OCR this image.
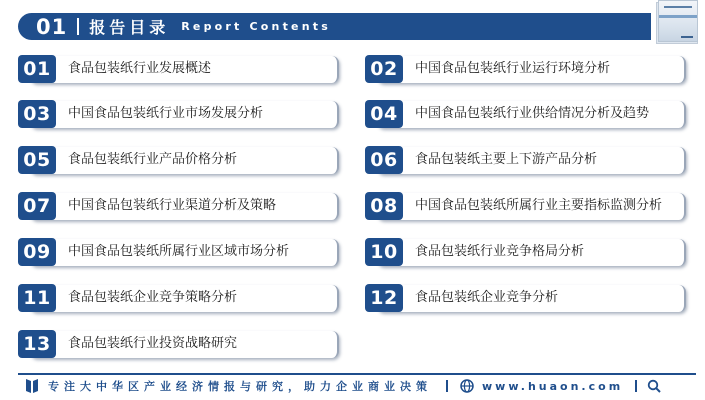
01 报告目录 Report Contents
01	食品包装纸行业发展概述	02	中国食品包装纸行业运行环境分析
03	中国食品包装纸行业市场发展分析	04	中国食品包装纸行业供给情况分析及趋势
05	食品包装纸行业产品价格分析	06	食品包装纸主要上下游产品分析
07	中国食品包装纸行业渠道分析及策略	08	中国食品包装纸所属行业主要指标监测分析
09	中国食品包装纸所属行业区域市场分析	10	食品包装纸行业竞争格局分析
11	食品包装纸企业竞争策略分析	12	食品包装纸企业竞争分析
13	食品包装纸行业投资战略研究
专注大中华区产业经济情报与研究，助力企业商业决策	www.huaon.com
